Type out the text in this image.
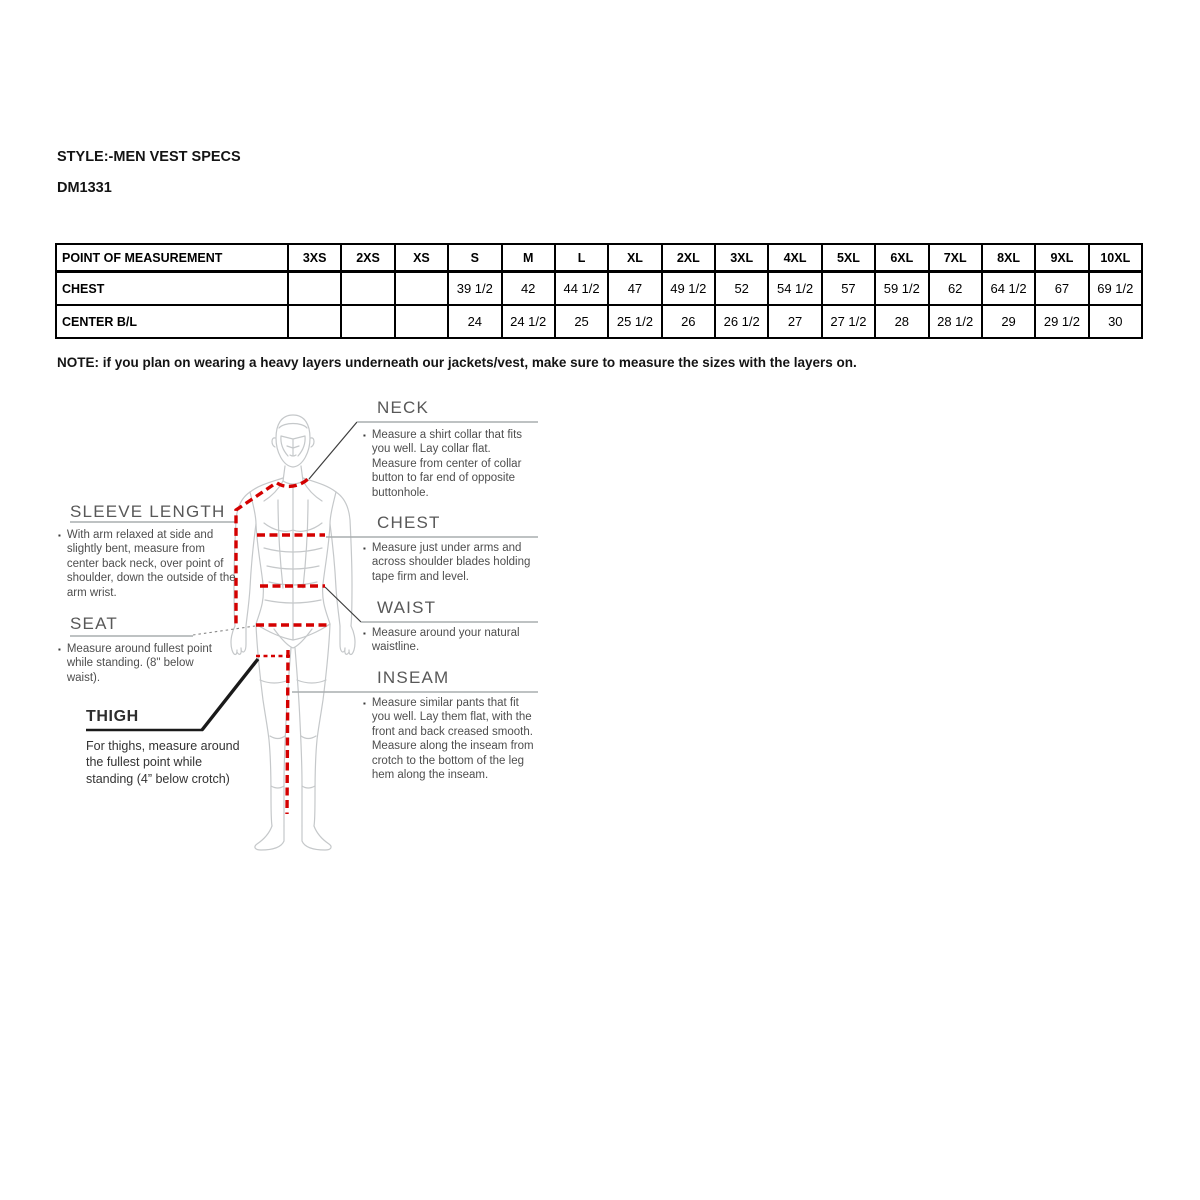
STYLE:-MEN VEST SPECS
DM1331
POINT OF MEASUREMENT	3XS	2XS	XS	S	M	L	XL	2XL	3XL	4XL	5XL	6XL	7XL	8XL	9XL	10XL
CHEST				39 1/2	42	44 1/2	47	49 1/2	52	54 1/2	57	59 1/2	62	64 1/2	67	69 1/2
CENTER B/L				24	24 1/2	25	25 1/2	26	26 1/2	27	27 1/2	28	28 1/2	29	29 1/2	30
NOTE: if you plan on wearing a heavy layers underneath our jackets/vest, make sure to measure the sizes with the layers on.
NECK
▪ Measure a shirt collar that fits you well. Lay collar flat. Measure from center of collar button to far end of opposite buttonhole.
CHEST
▪ Measure just under arms and across shoulder blades holding tape firm and level.
WAIST
▪ Measure around your natural waistline.
INSEAM
▪ Measure similar pants that fit you well. Lay them flat, with the front and back creased smooth. Measure along the inseam from crotch to the bottom of the leg hem along the inseam.
SLEEVE LENGTH
▪ With arm relaxed at side and slightly bent, measure from center back neck, over point of shoulder, down the outside of the arm wrist.
SEAT
▪ Measure around fullest point while standing. (8" below waist).
THIGH
For thighs, measure around the fullest point while standing (4” below crotch)
